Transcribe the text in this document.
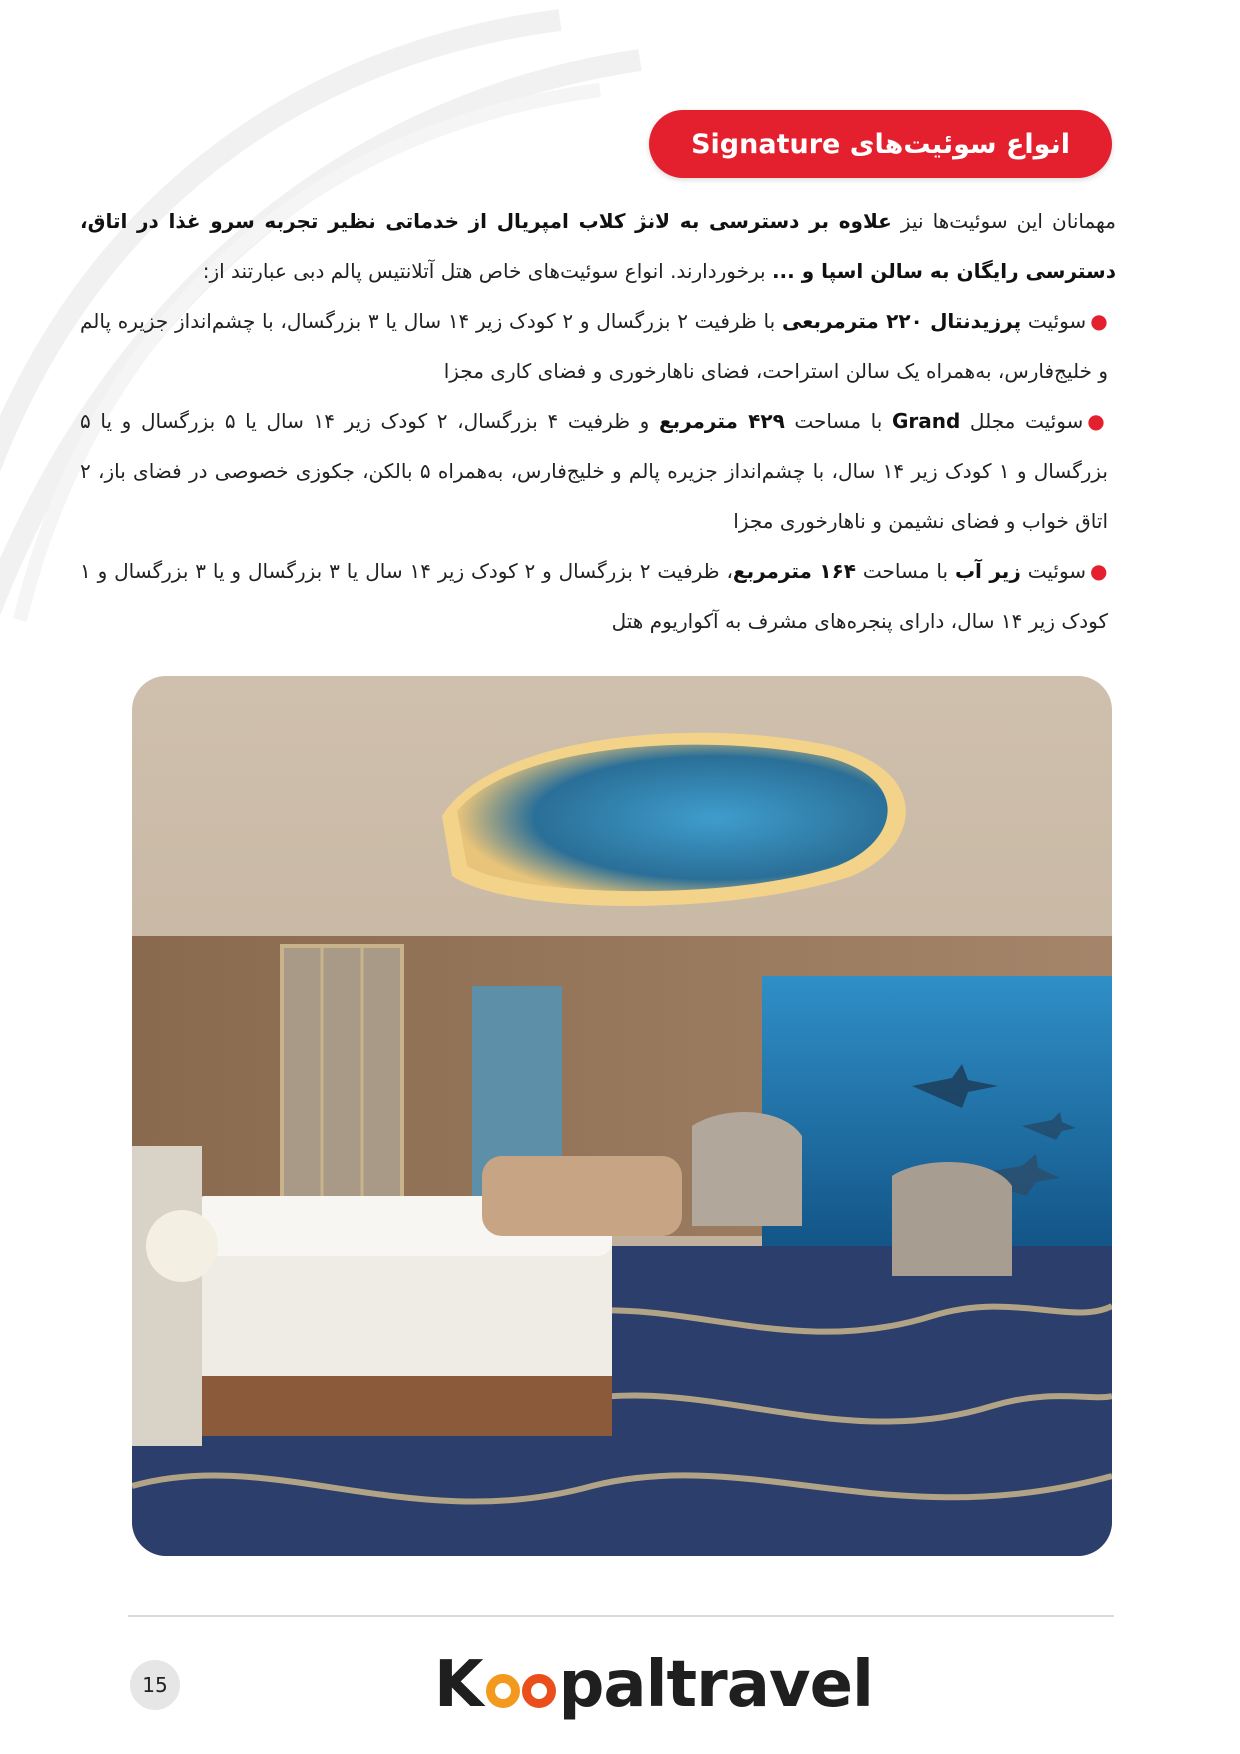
انواع سوئیت‌های Signature

مهمانان این سوئیت‌ها نیز علاوه بر دسترسی به لانژ کلاب امپریال از خدماتی نظیر تجربه سرو غذا در اتاق، دسترسی رایگان به سالن اسپا و ... برخوردارند. انواع سوئیت‌های خاص هتل آتلانتیس پالم دبی عبارتند از:

●سوئیت پرزیدنتال ۲۲۰ مترمربعی با ظرفیت ۲ بزرگسال و ۲ کودک زیر ۱۴ سال یا ۳ بزرگسال، با چشم‌انداز جزیره پالم و خلیج‌فارس، به‌همراه یک سالن استراحت، فضای ناهارخوری و فضای کاری مجزا

●سوئیت مجلل Grand با مساحت ۴۲۹ مترمربع و ظرفیت ۴ بزرگسال، ۲ کودک زیر ۱۴ سال یا ۵ بزرگسال و یا ۵ بزرگسال و ۱ کودک زیر ۱۴ سال، با چشم‌انداز جزیره پالم و خلیج‌فارس، به‌همراه ۵ بالکن، جکوزی خصوصی در فضای باز، ۲ اتاق خواب و فضای نشیمن و ناهارخوری مجزا

●سوئیت زیر آب با مساحت ۱۶۴ مترمربع، ظرفیت ۲ بزرگسال و ۲ کودک زیر ۱۴ سال یا ۳ بزرگسال و یا ۳ بزرگسال و ۱ کودک زیر ۱۴ سال، دارای پنجره‌های مشرف به آکواریوم هتل

15	K paltravel
